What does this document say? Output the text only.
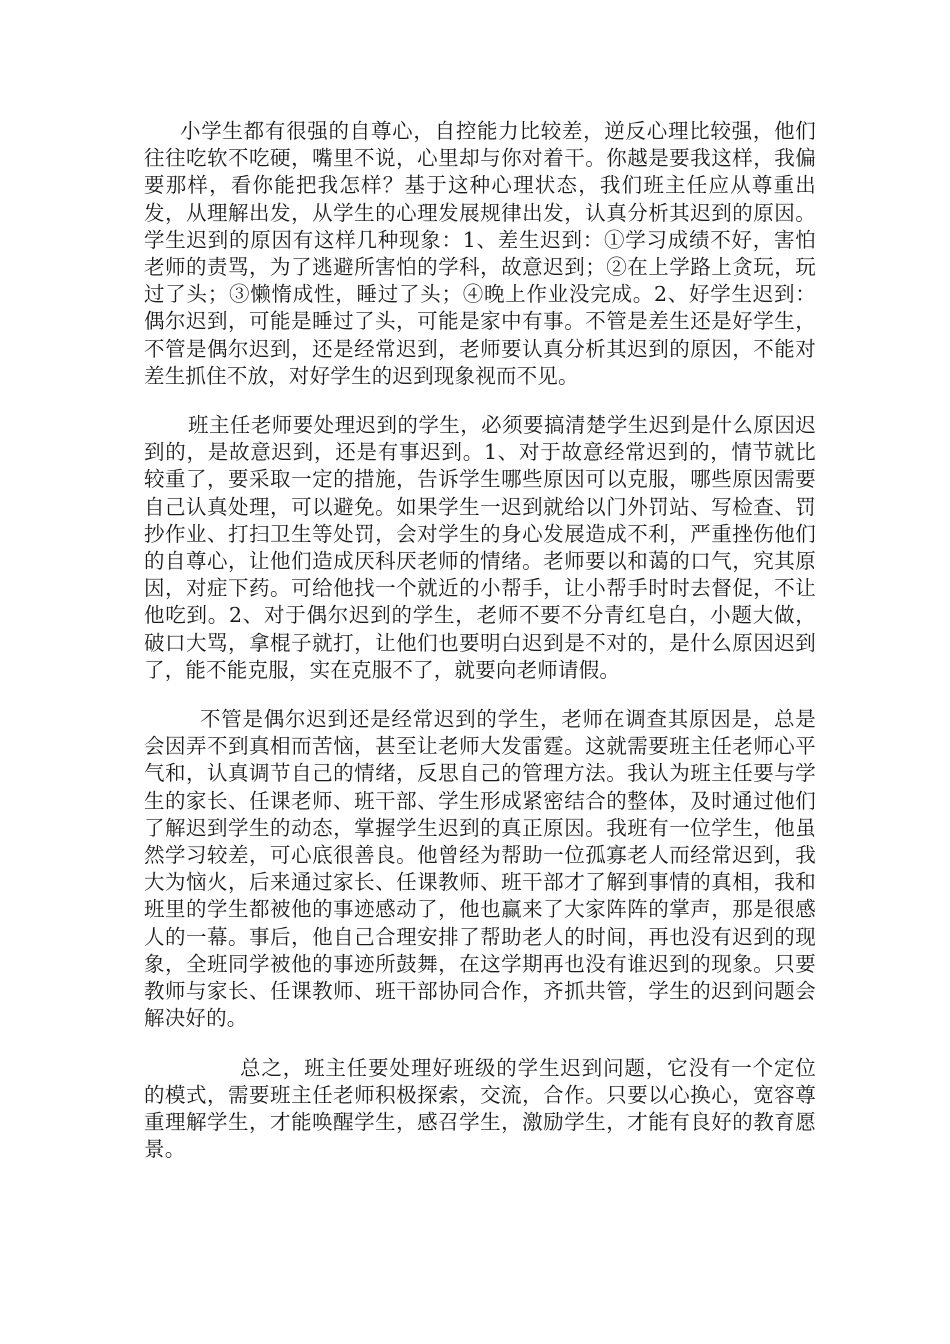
小学生都有很强的自尊心，自控能力比较差，逆反心理比较强，他们往往吃软不吃硬，嘴里不说，心里却与你对着干。你越是要我这样，我偏要那样，看你能把我怎样？基于这种心理状态，我们班主任应从尊重出发，从理解出发，从学生的心理发展规律出发，认真分析其迟到的原因。学生迟到的原因有这样几种现象：1、差生迟到：①学习成绩不好，害怕老师的责骂，为了逃避所害怕的学科，故意迟到；②在上学路上贪玩，玩过了头；③懒惰成性，睡过了头；④晚上作业没完成。2、好学生迟到：偶尔迟到，可能是睡过了头，可能是家中有事。不管是差生还是好学生，不管是偶尔迟到，还是经常迟到，老师要认真分析其迟到的原因，不能对差生抓住不放，对好学生的迟到现象视而不见。

班主任老师要处理迟到的学生，必须要搞清楚学生迟到是什么原因迟到的，是故意迟到，还是有事迟到。1、对于故意经常迟到的，情节就比较重了，要采取一定的措施，告诉学生哪些原因可以克服，哪些原因需要自己认真处理，可以避免。如果学生一迟到就给以门外罚站、写检查、罚抄作业、打扫卫生等处罚，会对学生的身心发展造成不利，严重挫伤他们的自尊心，让他们造成厌科厌老师的情绪。老师要以和蔼的口气，究其原因，对症下药。可给他找一个就近的小帮手，让小帮手时时去督促，不让他吃到。2、对于偶尔迟到的学生，老师不要不分青红皂白，小题大做，破口大骂，拿棍子就打，让他们也要明白迟到是不对的，是什么原因迟到了，能不能克服，实在克服不了，就要向老师请假。

不管是偶尔迟到还是经常迟到的学生，老师在调查其原因是，总是会因弄不到真相而苦恼，甚至让老师大发雷霆。这就需要班主任老师心平气和，认真调节自己的情绪，反思自己的管理方法。我认为班主任要与学生的家长、任课老师、班干部、学生形成紧密结合的整体，及时通过他们了解迟到学生的动态，掌握学生迟到的真正原因。我班有一位学生，他虽然学习较差，可心底很善良。他曾经为帮助一位孤寡老人而经常迟到，我大为恼火，后来通过家长、任课教师、班干部才了解到事情的真相，我和班里的学生都被他的事迹感动了，他也赢来了大家阵阵的掌声，那是很感人的一幕。事后，他自己合理安排了帮助老人的时间，再也没有迟到的现象，全班同学被他的事迹所鼓舞，在这学期再也没有谁迟到的现象。只要教师与家长、任课教师、班干部协同合作，齐抓共管，学生的迟到问题会解决好的。

总之，班主任要处理好班级的学生迟到问题，它没有一个定位的模式，需要班主任老师积极探索，交流，合作。只要以心换心，宽容尊重理解学生，才能唤醒学生，感召学生，激励学生，才能有良好的教育愿景。
